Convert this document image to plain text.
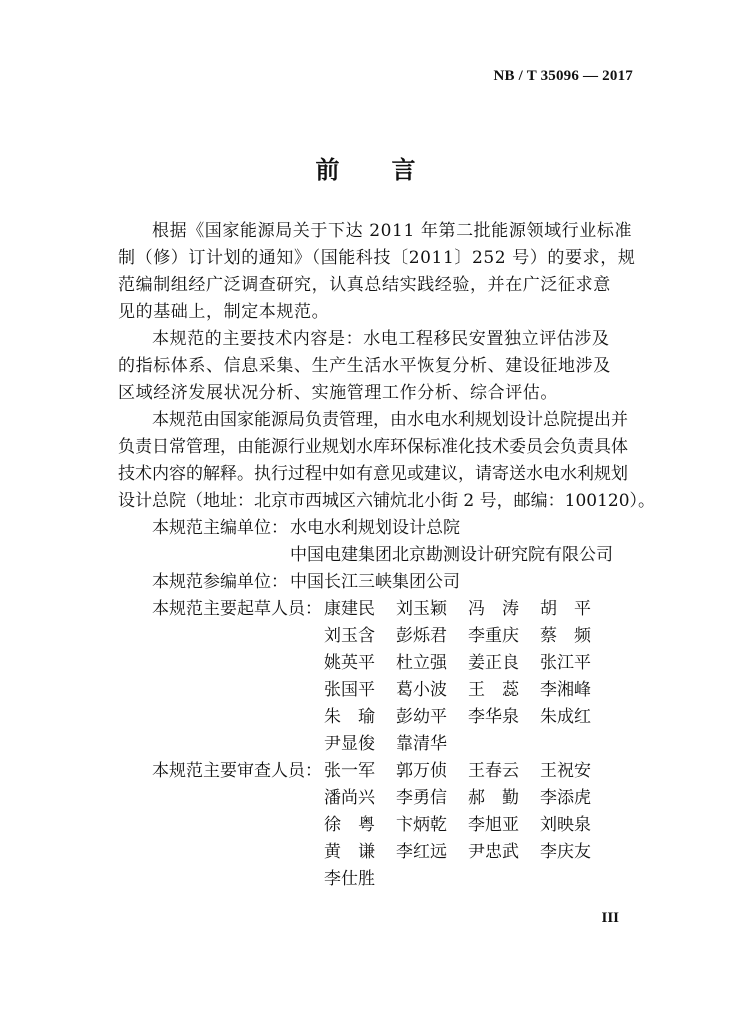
NB / T 35096 — 2017
前 言

根据《国家能源局关于下达 2011 年第二批能源领域行业标准
制（修）订计划的通知》（国能科技〔2011〕252 号）的要求，规
范编制组经广泛调查研究，认真总结实践经验，并在广泛征求意
见的基础上，制定本规范。

本规范的主要技术内容是：水电工程移民安置独立评估涉及
的指标体系、信息采集、生产生活水平恢复分析、建设征地涉及
区域经济发展状况分析、实施管理工作分析、综合评估。

本规范由国家能源局负责管理，由水电水利规划设计总院提出并
负责日常管理，由能源行业规划水库环保标准化技术委员会负责具体
技术内容的解释。执行过程中如有意见或建议，请寄送水电水利规划
设计总院（地址：北京市西城区六铺炕北小街 2 号，邮编：100120）。

本规范主编单位： 水电水利规划设计总院
中国电建集团北京勘测设计研究院有限公司
本规范参编单位： 中国长江三峡集团公司
本规范主要起草人员： 康建民	刘玉颖	冯　涛	胡　平
刘玉含	彭烁君	李重庆	蔡　频
姚英平	杜立强	姜正良	张江平
张国平	葛小波	王　蕊	李湘峰
朱　瑜	彭幼平	李华泉	朱成红
尹显俊	靠清华
本规范主要审查人员： 张一军	郭万侦	王春云	王祝安
潘尚兴	李勇信	郝　勤	李添虎
徐　粤	卞炳乾	李旭亚	刘映泉
黄　谦	李红远	尹忠武	李庆友
李仕胜
III
